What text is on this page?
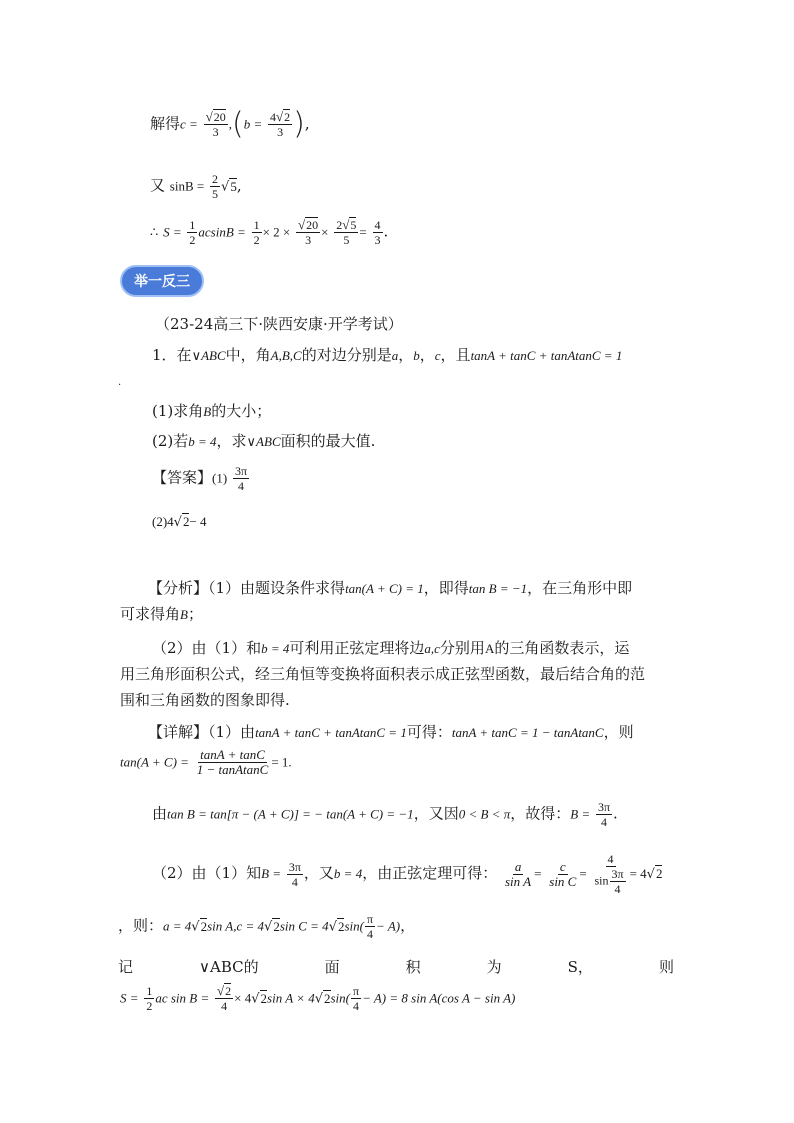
解得$c = \frac{√20}{3} ,(b = \frac{4√2}{3}$ ),
又 $\sin B = \frac{2}{5} √5$,
∴ $S = \frac{1}{2}$ $acsinB = \frac{1}{2} \times 2 \times \frac{√20}{3} \times \frac{2√5}{5} = \frac{4}{3}$ .
举一反三
（23-24高三下·陕西安康·开学考试）
1．在∨ABC中，角A,B,C的对边分别是a，b，c，且tanA + tanC + tanAtanC = 1
.
(1)求角B的大小；
(2)若b = 4，求∨ABC面积的最大值.
【答案】$(1) \frac{3\pi}{4}$
(2)4√2− 4
【分析】（1）由题设条件求得tan(A + C) = 1，即得tan B = −1，在三角形中即
可求得角B；
（2）由（1）和b = 4可利用正弦定理将边a,c分别用A的三角函数表示，运
用三角形面积公式，经三角恒等变换将面积表示成正弦型函数，最后结合角的范
围和三角函数的图象即得.
【详解】（1）由tanA + tanC + tanAtanC = 1可得：tanA + tanC = 1 − tanAtanC，则
$\tan(A + C) = \frac{\tan A + \tan C}{\text{1 − tanAtanC}} = 1$.
由tan B = tan[π − (A + C)] = − tan(A + C) = −1，又因0 < B < π，故得：$B = \frac{3\pi}{4}$ .
（2）由（1）知$B = \frac{3\pi}{4}$ ，又b = 4，由正弦定理可得： $\frac{a}{\text{sin A}} = \frac{c}{\text{sin C}} = \frac{4}{\sin \frac{3\pi}{4}} = 4√2$
，则：a = 4√2sin A,c = 4√2sin $C = 4√2\sin( \frac{\pi}{4} - A)$，
记	∨ABC的	面	积	为	S，	则
$S = \frac{1}{2}$ ac $\sin B = \frac{√2}{4} \times 4√2\sin$ $A \times 4√2\sin( \frac{\pi}{4} - A) = 8$ sin A(cos A − sin A)
